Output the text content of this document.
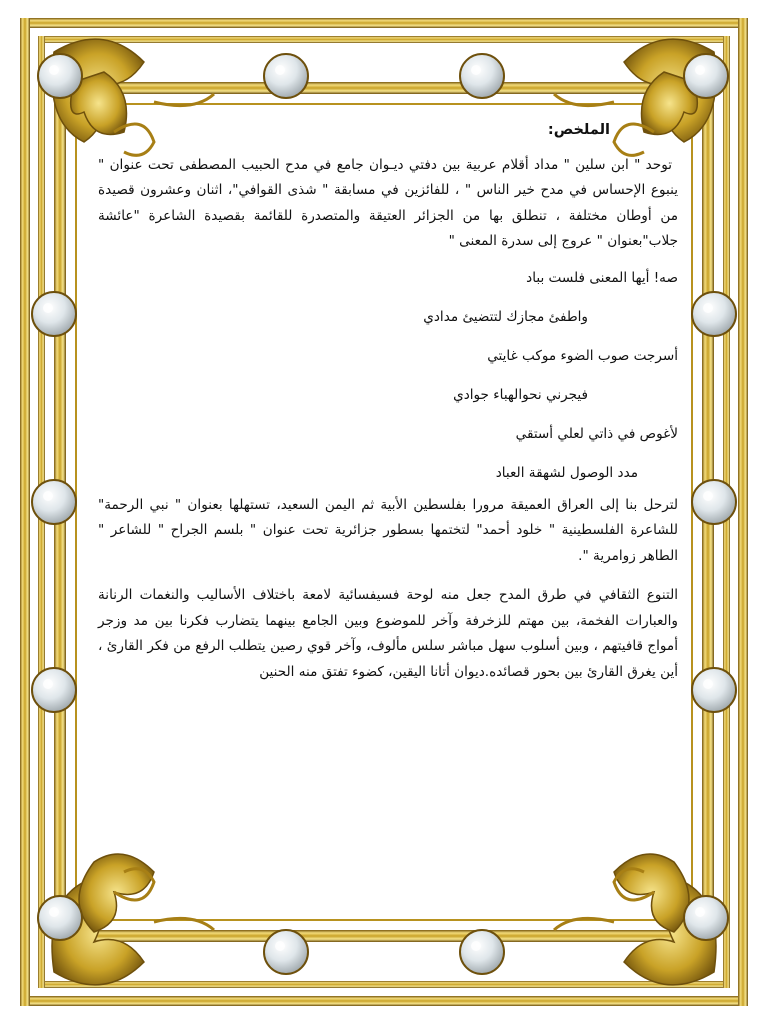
الملخص:

توحد " ابن سلين " مداد أقلام عربية بين دفتي ديـوان جامع في مدح الحبيب المصطفى تحت عنوان " ينبوع الإحساس في مدح خير الناس " ، للفائزين في مسابقة " شذى القوافي"، اثنان وعشرون قصيدة من أوطان مختلفة ، تنطلق بها من الجزائر العتيقة والمتصدرة للقائمة بقصيدة الشاعرة "عائشة جلاب"بعنوان " عروج إلى سدرة المعنى "

صه! أيها المعنى فلست بباد

واطفئ مجازك لتتضيئ مدادي

أسرجت صوب الضوء موكب غايتي

فيجرني نحوالهباء جوادي

لأغوص في ذاتي لعلي أستقي

مدد الوصول لشهقة العباد

لترحل بنا إلى العراق العميقة مرورا بفلسطين الأبية ثم اليمن السعيد، تستهلها بعنوان " نبي الرحمة" للشاعرة الفلسطينية " خلود أحمد" لتختمها بسطور جزائرية تحت عنوان " بلسم الجراح " للشاعر " الطاهر زوامرية ".

التنوع الثقافي في طرق المدح جعل منه لوحة فسيفسائية لامعة باختلاف الأساليب والنغمات الرنانة والعبارات الفخمة، بين مهتم للزخرفة وآخر للموضوع وبين الجامع بينهما يتضارب فكرنا بين مد وزجر أمواج قافيتهم ، وبين أسلوب سهل مباشر سلس مألوف، وآخر قوي رصين يتطلب الرفع من فكر القارئ ، أين يغرق القارئ بين بحور قصائده.ديوان أتانا اليقين، كضوء تفتق منه الحنين
